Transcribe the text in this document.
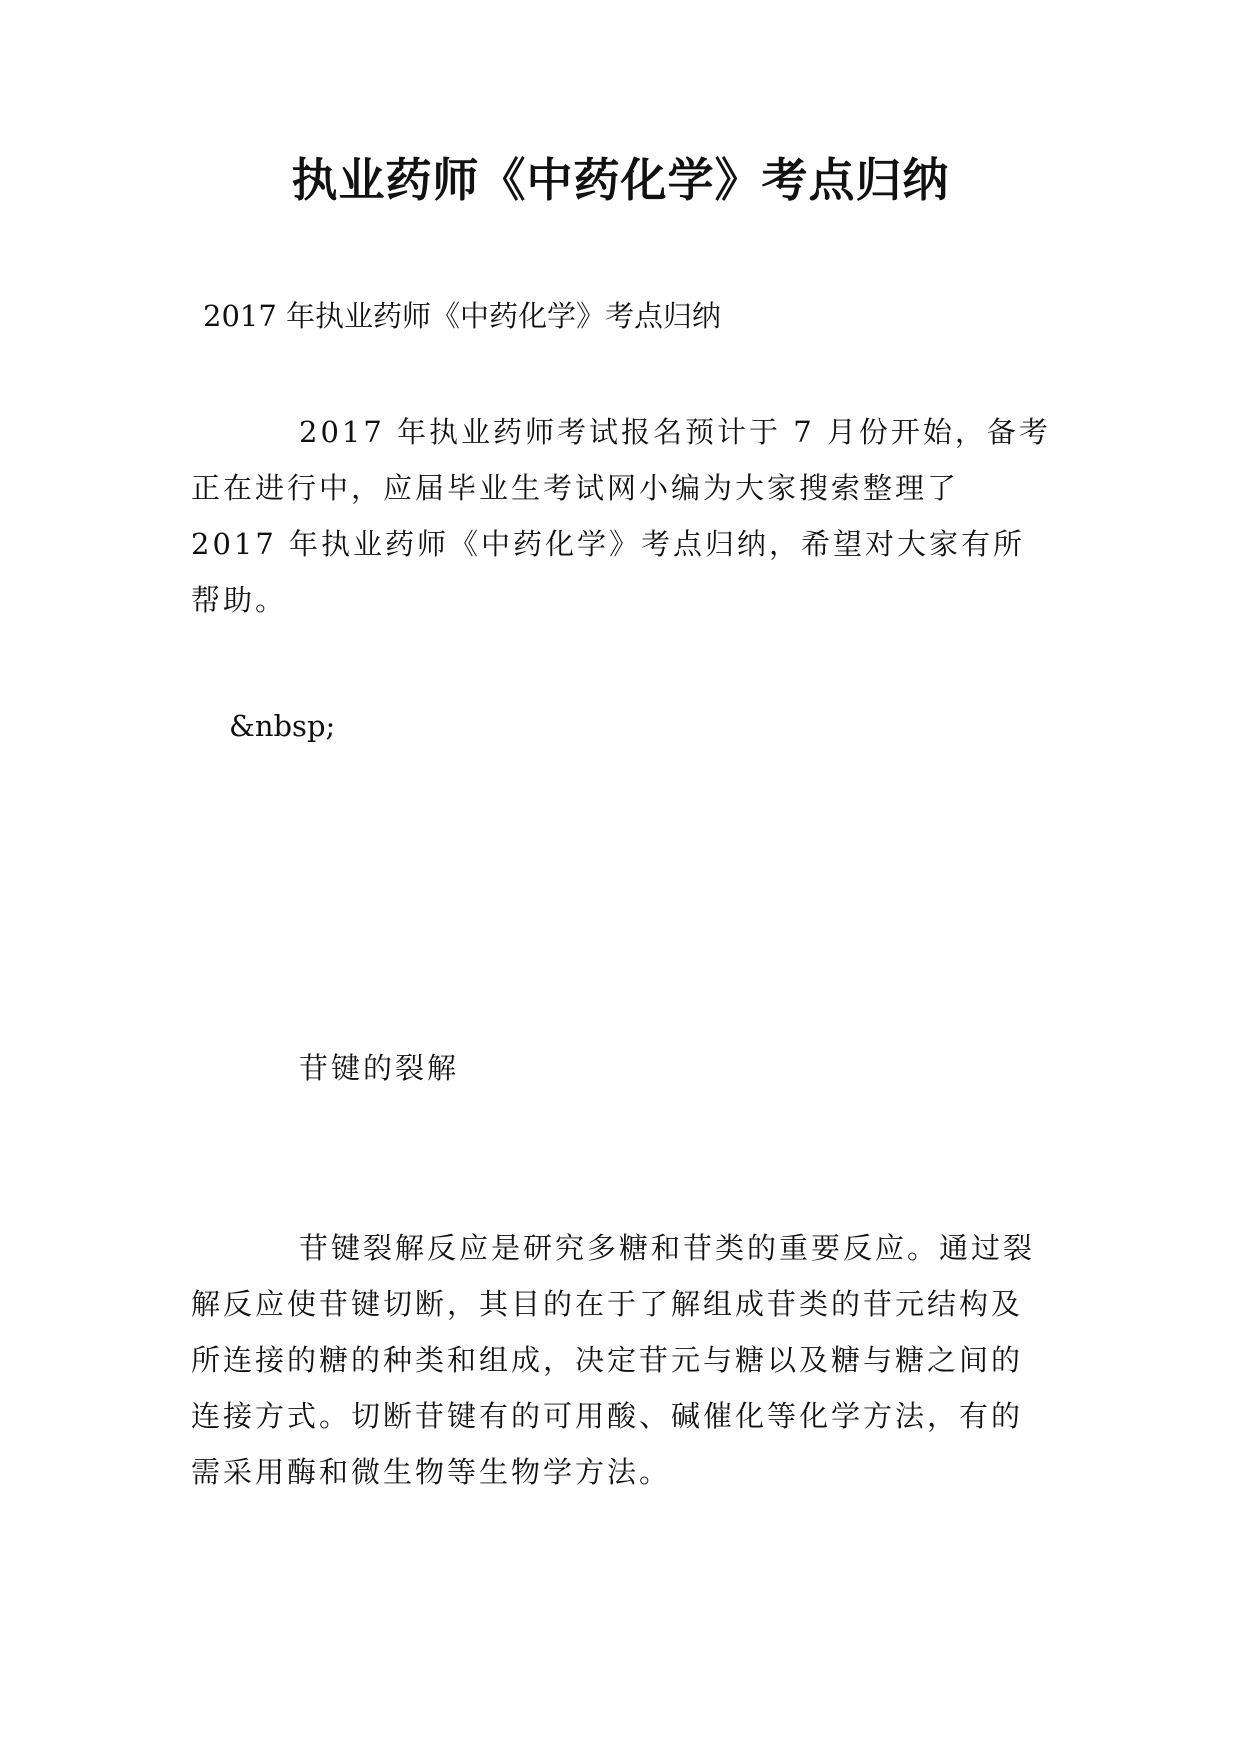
执业药师《中药化学》考点归纳

2017 年执业药师《中药化学》考点归纳

2017 年执业药师考试报名预计于 7 月份开始，备考正在进行中，应届毕业生考试网小编为大家搜索整理了 2017 年执业药师《中药化学》考点归纳，希望对大家有所帮助。

&nbsp;

苷键的裂解

苷键裂解反应是研究多糖和苷类的重要反应。通过裂解反应使苷键切断，其目的在于了解组成苷类的苷元结构及所连接的糖的种类和组成，决定苷元与糖以及糖与糖之间的连接方式。切断苷键有的可用酸、碱催化等化学方法，有的需采用酶和微生物等生物学方法。
